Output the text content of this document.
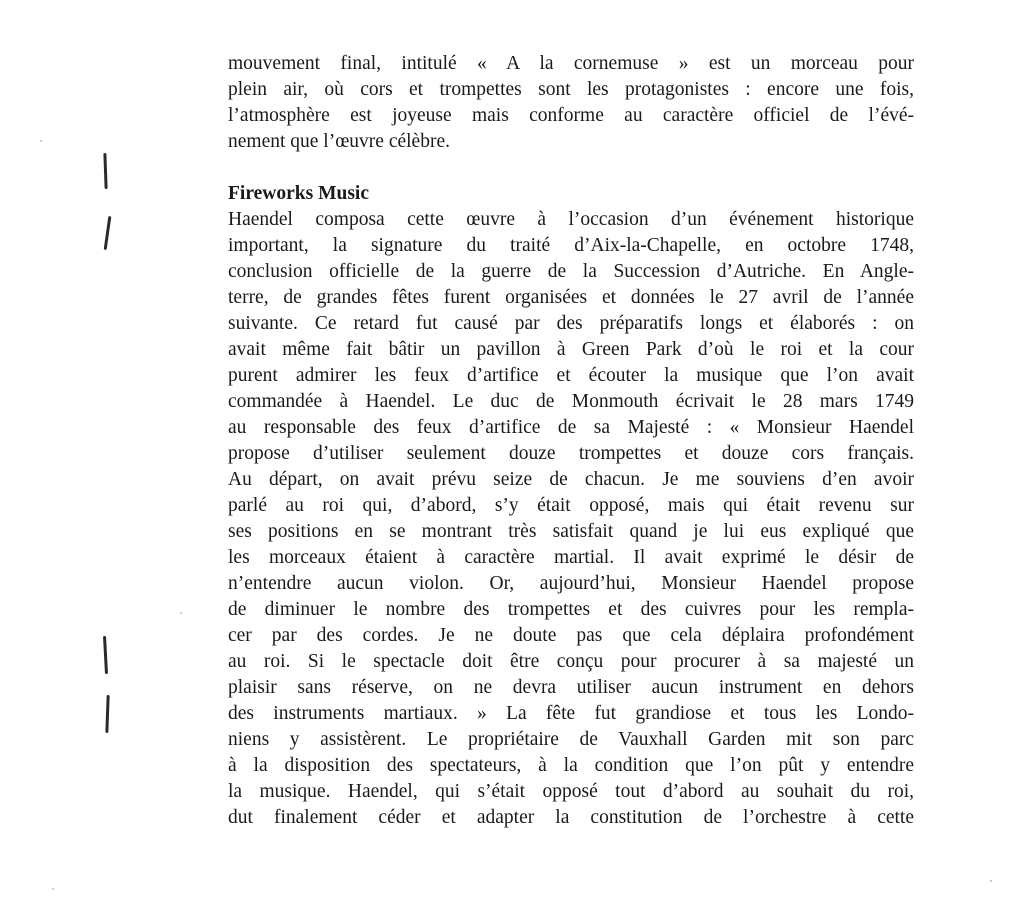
mouvement final, intitulé « A la cornemuse » est un morceau pour
plein air, où cors et trompettes sont les protagonistes : encore une fois,
l’atmosphère est joyeuse mais conforme au caractère officiel de l’évé-
nement que l’œuvre célèbre.
Fireworks Music
Haendel composa cette œuvre à l’occasion d’un événement historique
important, la signature du traité d’Aix-la-Chapelle, en octobre 1748,
conclusion officielle de la guerre de la Succession d’Autriche. En Angle-
terre, de grandes fêtes furent organisées et données le 27 avril de l’année
suivante. Ce retard fut causé par des préparatifs longs et élaborés : on
avait même fait bâtir un pavillon à Green Park d’où le roi et la cour
purent admirer les feux d’artifice et écouter la musique que l’on avait
commandée à Haendel. Le duc de Monmouth écrivait le 28 mars 1749
au responsable des feux d’artifice de sa Majesté : « Monsieur Haendel
propose d’utiliser seulement douze trompettes et douze cors français.
Au départ, on avait prévu seize de chacun. Je me souviens d’en avoir
parlé au roi qui, d’abord, s’y était opposé, mais qui était revenu sur
ses positions en se montrant très satisfait quand je lui eus expliqué que
les morceaux étaient à caractère martial. Il avait exprimé le désir de
n’entendre aucun violon. Or, aujourd’hui, Monsieur Haendel propose
de diminuer le nombre des trompettes et des cuivres pour les rempla-
cer par des cordes. Je ne doute pas que cela déplaira profondément
au roi. Si le spectacle doit être conçu pour procurer à sa majesté un
plaisir sans réserve, on ne devra utiliser aucun instrument en dehors
des instruments martiaux. » La fête fut grandiose et tous les Londo-
niens y assistèrent. Le propriétaire de Vauxhall Garden mit son parc
à la disposition des spectateurs, à la condition que l’on pût y entendre
la musique. Haendel, qui s’était opposé tout d’abord au souhait du roi,
dut finalement céder et adapter la constitution de l’orchestre à cette
